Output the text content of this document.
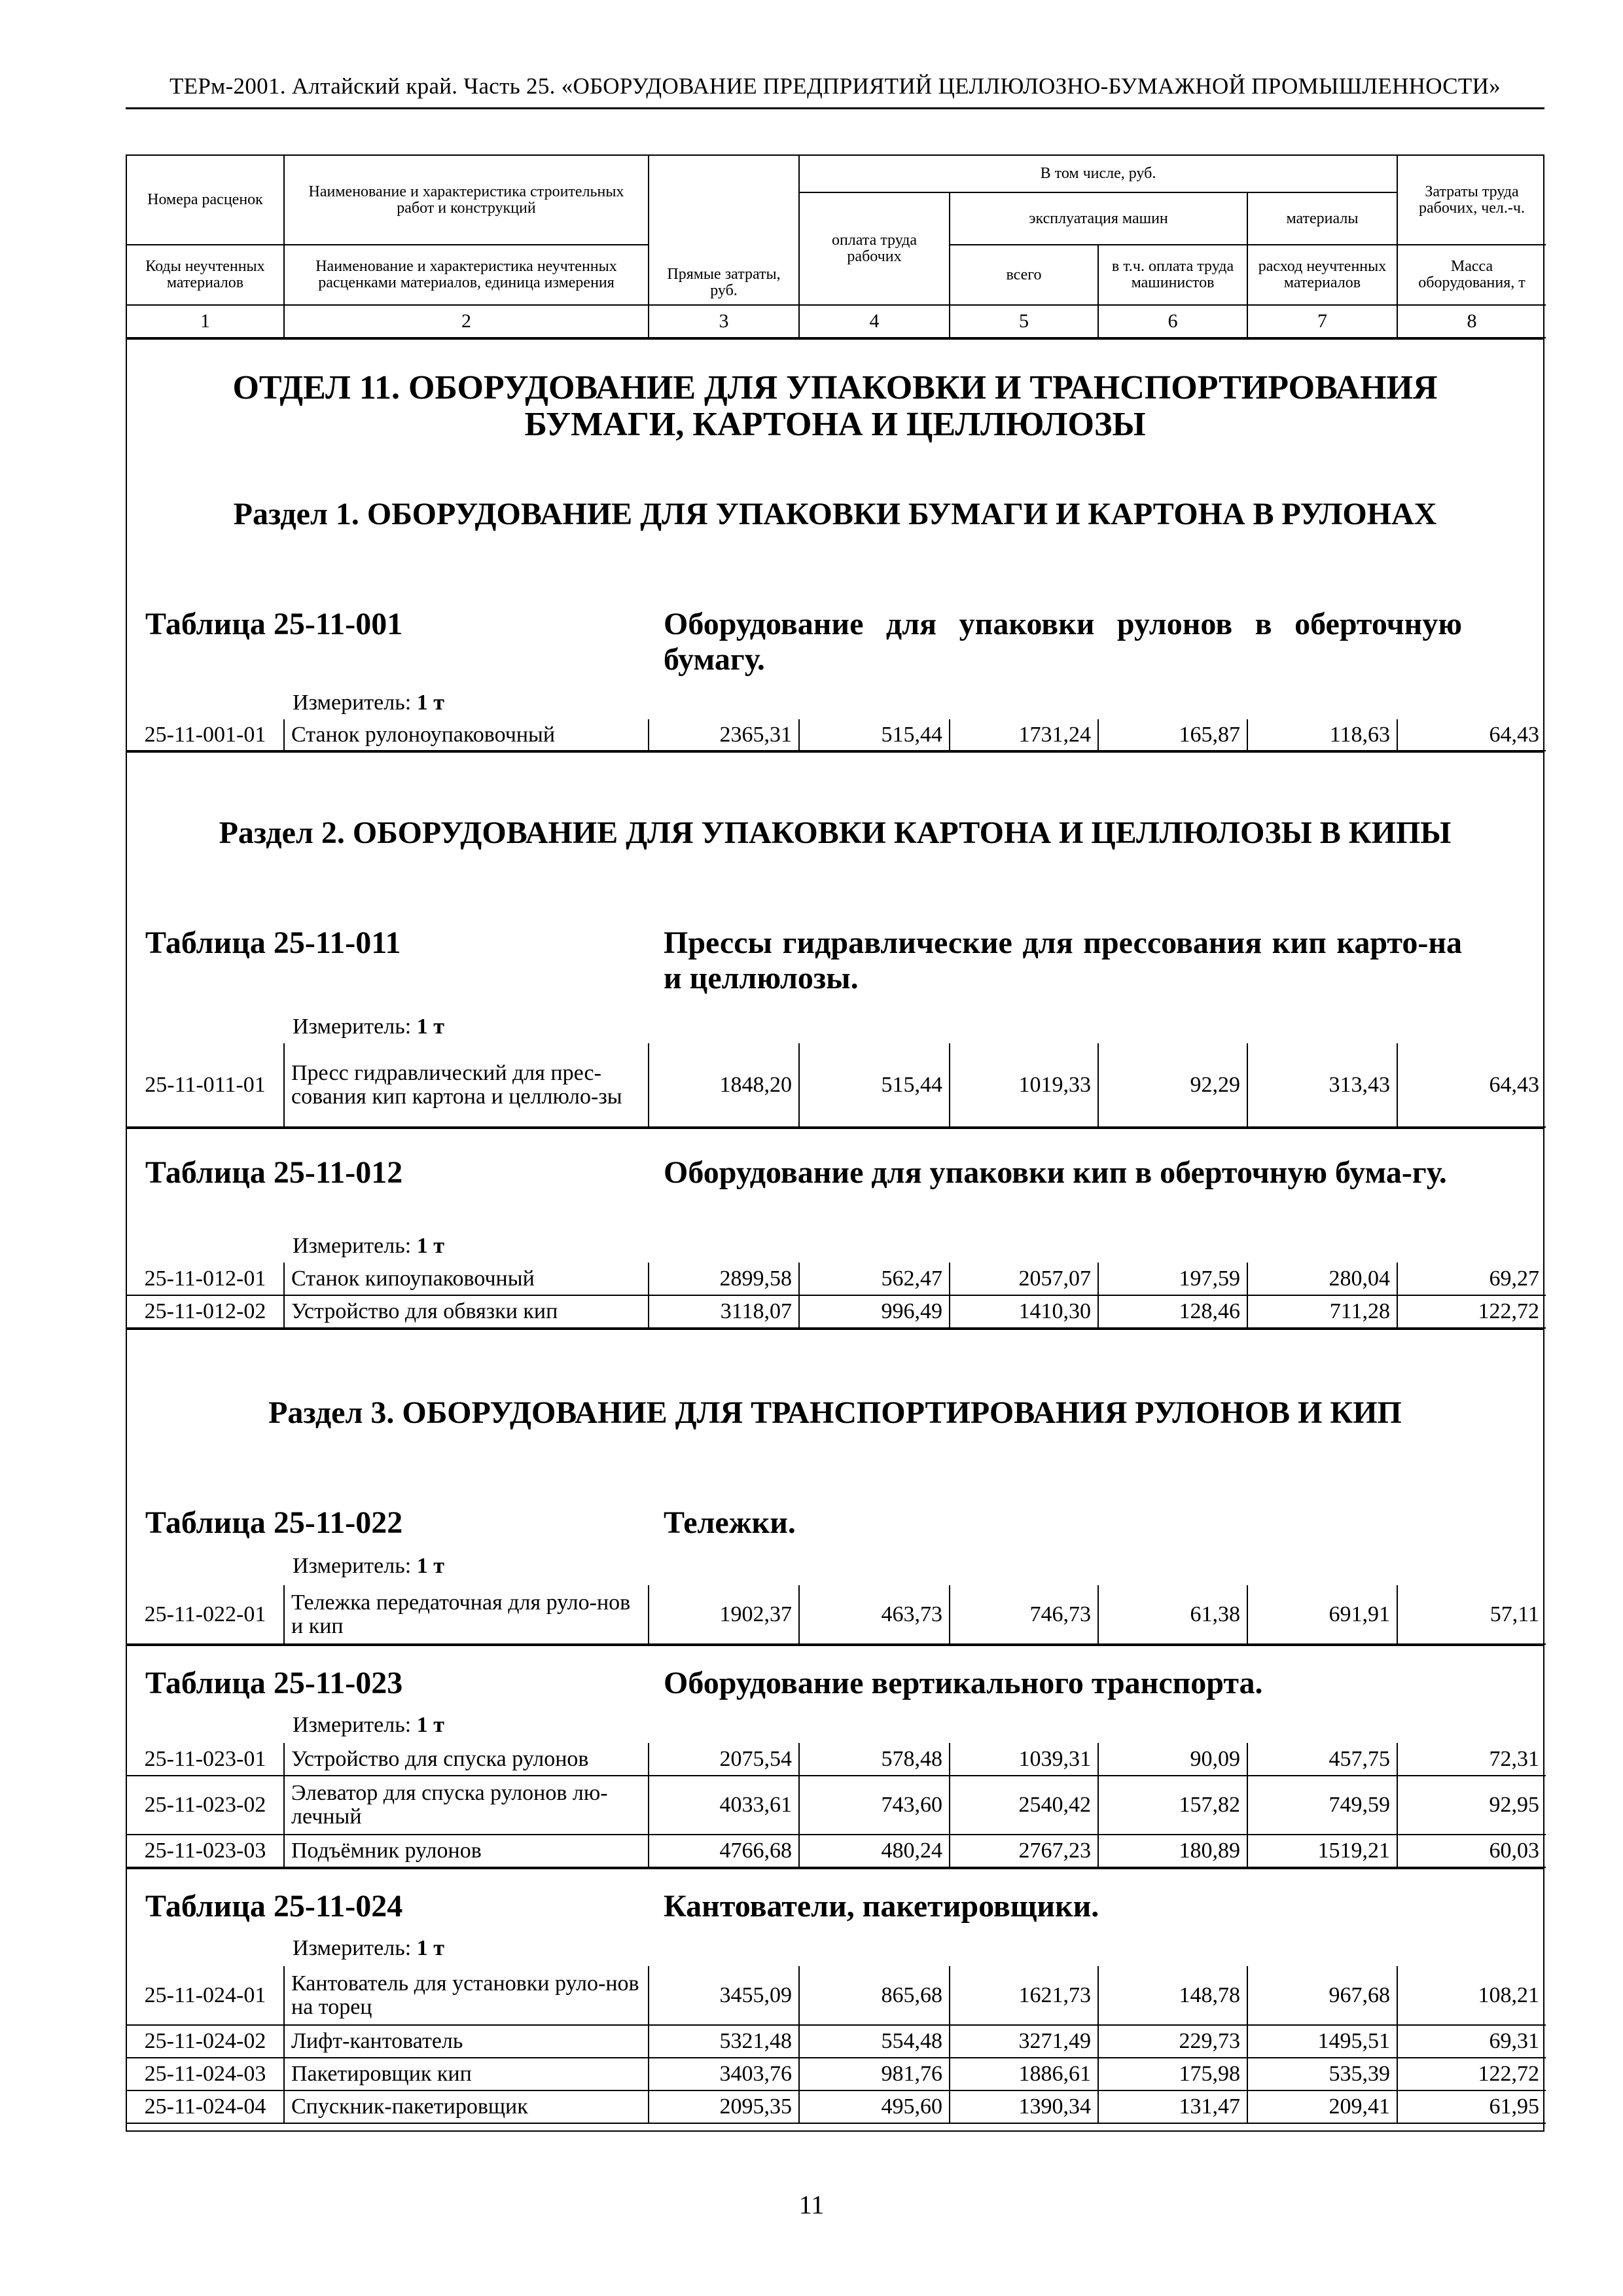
ТЕРм-2001. Алтайский край. Часть 25. «ОБОРУДОВАНИЕ ПРЕДПРИЯТИЙ ЦЕЛЛЮЛОЗНО-БУМАЖНОЙ ПРОМЫШЛЕННОСТИ»
Номера расценок	Наименование и характеристика строительных работ и конструкций	Прямые затраты, руб.	В том числе, руб.				Затраты труда рабочих, чел.-ч.
			оплата труда рабочих	эксплуатация машин		материалы	
Коды неучтенных материалов	Наименование и характеристика неучтенных расценками материалов, единица измерения			всего	в т.ч. оплата труда машинистов	расход неучтенных материалов	Масса оборудования, т
1	2	3	4	5	6	7	8
ОТДЕЛ 11. ОБОРУДОВАНИЕ ДЛЯ УПАКОВКИ И ТРАНСПОРТИРОВАНИЯ БУМАГИ, КАРТОНА И ЦЕЛЛЮЛОЗЫ
Раздел 1. ОБОРУДОВАНИЕ ДЛЯ УПАКОВКИ БУМАГИ И КАРТОНА В РУЛОНАХ
Таблица 25-11-001	Оборудование для упаковки рулонов в оберточную бумагу.
Измеритель: 1 т
25-11-001-01	Станок рулоноупаковочный	2365,31	515,44	1731,24	165,87	118,63	64,43
Раздел 2. ОБОРУДОВАНИЕ ДЛЯ УПАКОВКИ КАРТОНА И ЦЕЛЛЮЛОЗЫ В КИПЫ
Таблица 25-11-011	Прессы гидравлические для прессования кип карто-на и целлюлозы.
Измеритель: 1 т
25-11-011-01	Пресс гидравлический для прес-сования кип картона и целлюло-зы	1848,20	515,44	1019,33	92,29	313,43	64,43
Таблица 25-11-012	Оборудование для упаковки кип в оберточную бума-гу.
Измеритель: 1 т
25-11-012-01	Станок кипоупаковочный	2899,58	562,47	2057,07	197,59	280,04	69,27
25-11-012-02	Устройство для обвязки кип	3118,07	996,49	1410,30	128,46	711,28	122,72
Раздел 3. ОБОРУДОВАНИЕ ДЛЯ ТРАНСПОРТИРОВАНИЯ РУЛОНОВ И КИП
Таблица 25-11-022	Тележки.
Измеритель: 1 т
25-11-022-01	Тележка передаточная для руло-нов и кип	1902,37	463,73	746,73	61,38	691,91	57,11
Таблица 25-11-023	Оборудование вертикального транспорта.
Измеритель: 1 т
25-11-023-01	Устройство для спуска рулонов	2075,54	578,48	1039,31	90,09	457,75	72,31
25-11-023-02	Элеватор для спуска рулонов лю-лечный	4033,61	743,60	2540,42	157,82	749,59	92,95
25-11-023-03	Подъёмник рулонов	4766,68	480,24	2767,23	180,89	1519,21	60,03
Таблица 25-11-024	Кантователи, пакетировщики.
Измеритель: 1 т
25-11-024-01	Кантователь для установки руло-нов на торец	3455,09	865,68	1621,73	148,78	967,68	108,21
25-11-024-02	Лифт-кантователь	5321,48	554,48	3271,49	229,73	1495,51	69,31
25-11-024-03	Пакетировщик кип	3403,76	981,76	1886,61	175,98	535,39	122,72
25-11-024-04	Спускник-пакетировщик	2095,35	495,60	1390,34	131,47	209,41	61,95
11
